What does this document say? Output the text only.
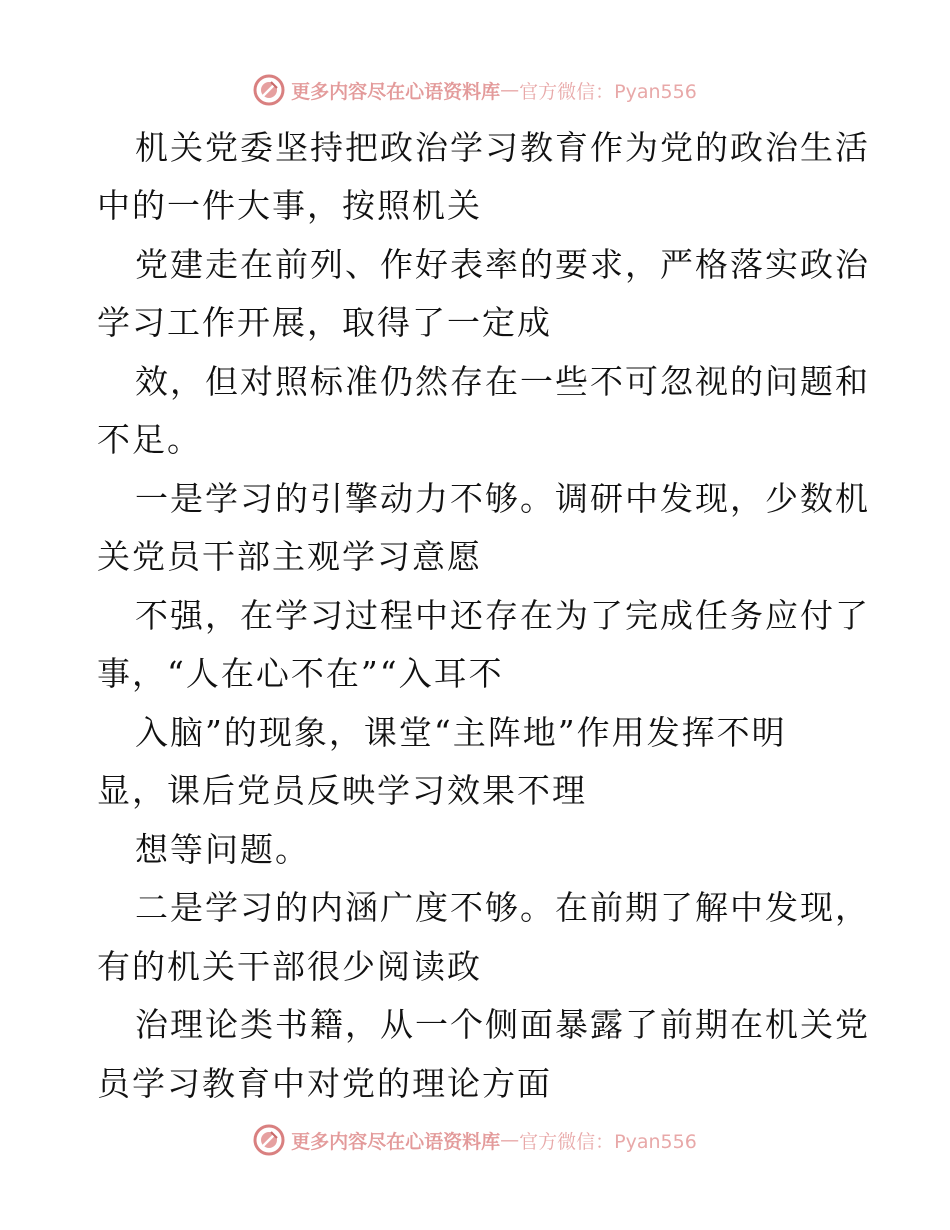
更多内容尽在心语资料库 — 官方微信：Pyan556
机关党委坚持把政治学习教育作为党的政治生活
中的一件大事，按照机关
党建走在前列、作好表率的要求，严格落实政治
学习工作开展，取得了一定成
效，但对照标准仍然存在一些不可忽视的问题和
不足。
一是学习的引擎动力不够。调研中发现，少数机
关党员干部主观学习意愿
不强，在学习过程中还存在为了完成任务应付了
事，“人在心不在”“入耳不
入脑”的现象，课堂“主阵地”作用发挥不明
显，课后党员反映学习效果不理
想等问题。
二是学习的内涵广度不够。在前期了解中发现，
有的机关干部很少阅读政
治理论类书籍，从一个侧面暴露了前期在机关党
员学习教育中对党的理论方面
更多内容尽在心语资料库 — 官方微信：Pyan556
